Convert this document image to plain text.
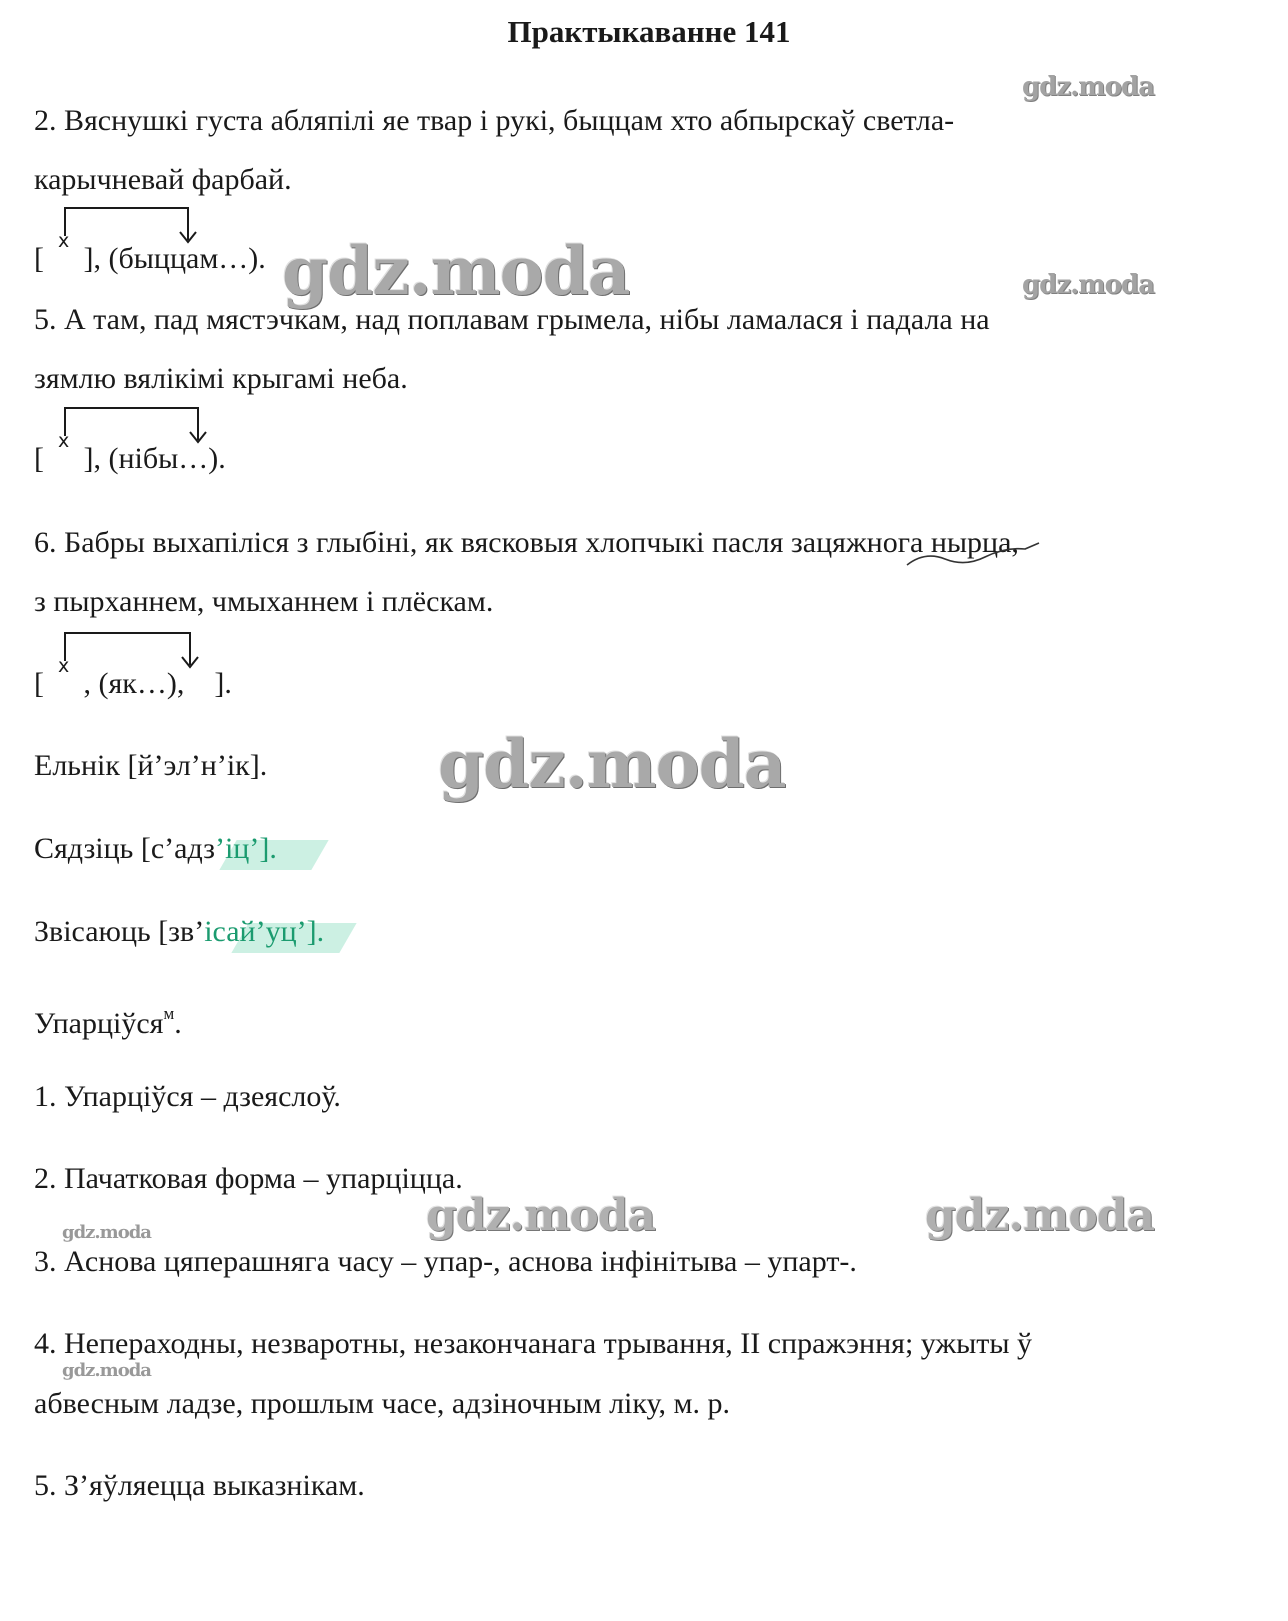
Практыкаванне 141
2. Вяснушкі густа абляпілі яе твар і рукі, быццам хто абпырскаў светла-
карычневай фарбай.
[
x
], (быццам…).
5. А там, пад мястэчкам, над поплавам грымела, нібы ламалася і падала на
зямлю вялікімі крыгамі неба.
[
x
], (нібы…).
6. Бабры выхапіліся з глыбіні, як вясковыя хлопчыкі пасля зацяжнога нырца,
з пырханнем, чмыханнем і плёскам.
[
x
, (як…),    ].
Ельнік [й’эл’н’ік].
Сядзіць [с’адз’іц’].
Звісаюць [зв’ісай’уц’].
Упарціўся$^м$.
1. Упарціўся – дзеяслоў.
2. Пачатковая форма – упарціцца.
3. Аснова цяперашняга часу – упар-, аснова інфінітыва – упарт-.
4. Непераходны, незваротны, незакончанага трывання, ІІ спражэння; ужыты ў
абвесным ладзе, прошлым часе, адзіночным ліку, м. р.
5. З’яўляецца выказнікам.
gdz.moda
gdz.moda	gdz.moda
gdz.moda
gdz.moda	gdz.moda
gdz.moda
gdz.moda
